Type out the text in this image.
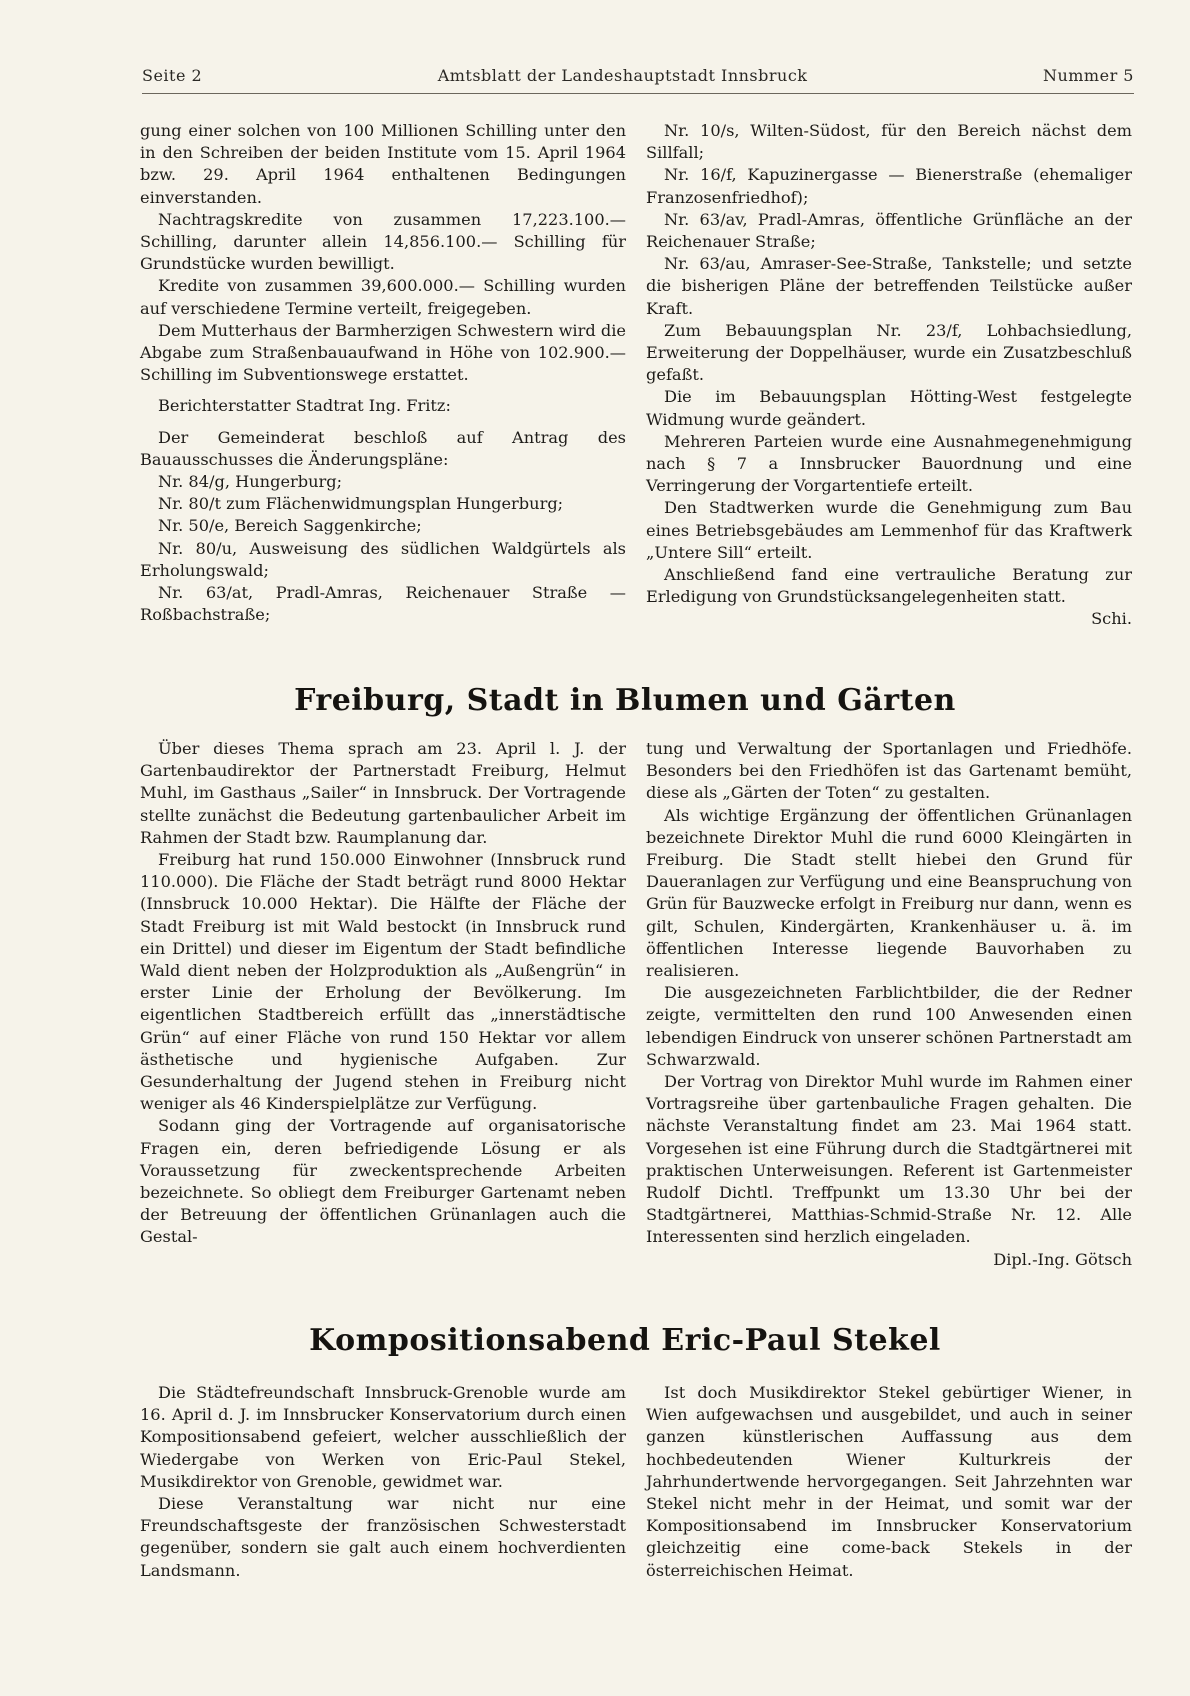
Seite 2	Amtsblatt der Landeshauptstadt Innsbruck	Nummer 5

gung einer solchen von 100 Millionen Schilling unter den in den Schreiben der beiden Institute vom 15. April 1964 bzw. 29. April 1964 enthaltenen Bedingungen einverstanden.

Nachtragskredite von zusammen 17,223.100.— Schilling, darunter allein 14,856.100.— Schilling für Grundstücke wurden bewilligt.

Kredite von zusammen 39,600.000.— Schilling wurden auf verschiedene Termine verteilt, freigegeben.

Dem Mutterhaus der Barmherzigen Schwestern wird die Abgabe zum Straßenbauaufwand in Höhe von 102.900.— Schilling im Subventionswege erstattet.

Berichterstatter Stadtrat Ing. Fritz:

Der Gemeinderat beschloß auf Antrag des Bauausschusses die Änderungspläne:

Nr. 84/g, Hungerburg;

Nr. 80/t zum Flächenwidmungsplan Hungerburg;

Nr. 50/e, Bereich Saggenkirche;

Nr. 80/u, Ausweisung des südlichen Waldgürtels als Erholungswald;

Nr. 63/at, Pradl-Amras, Reichenauer Straße — Roßbachstraße;

Nr. 10/s, Wilten-Südost, für den Bereich nächst dem Sillfall;

Nr. 16/f, Kapuzinergasse — Bienerstraße (ehemaliger Franzosenfriedhof);

Nr. 63/av, Pradl-Amras, öffentliche Grünfläche an der Reichenauer Straße;

Nr. 63/au, Amraser-See-Straße, Tankstelle; und setzte die bisherigen Pläne der betreffenden Teilstücke außer Kraft.

Zum Bebauungsplan Nr. 23/f, Lohbachsiedlung, Erweiterung der Doppelhäuser, wurde ein Zusatzbeschluß gefaßt.

Die im Bebauungsplan Hötting-West festgelegte Widmung wurde geändert.

Mehreren Parteien wurde eine Ausnahmegenehmigung nach § 7 a Innsbrucker Bauordnung und eine Verringerung der Vorgartentiefe erteilt.

Den Stadtwerken wurde die Genehmigung zum Bau eines Betriebsgebäudes am Lemmenhof für das Kraftwerk „Untere Sill“ erteilt.

Anschließend fand eine vertrauliche Beratung zur Erledigung von Grundstücksangelegenheiten statt.

Schi.

Freiburg, Stadt in Blumen und Gärten

Über dieses Thema sprach am 23. April l. J. der Gartenbaudirektor der Partnerstadt Freiburg, Helmut Muhl, im Gasthaus „Sailer“ in Innsbruck. Der Vortragende stellte zunächst die Bedeutung gartenbaulicher Arbeit im Rahmen der Stadt bzw. Raumplanung dar.

Freiburg hat rund 150.000 Einwohner (Innsbruck rund 110.000). Die Fläche der Stadt beträgt rund 8000 Hektar (Innsbruck 10.000 Hektar). Die Hälfte der Fläche der Stadt Freiburg ist mit Wald bestockt (in Innsbruck rund ein Drittel) und dieser im Eigentum der Stadt befindliche Wald dient neben der Holzproduktion als „Außengrün“ in erster Linie der Erholung der Bevölkerung. Im eigentlichen Stadtbereich erfüllt das „innerstädtische Grün“ auf einer Fläche von rund 150 Hektar vor allem ästhetische und hygienische Aufgaben. Zur Gesunderhaltung der Jugend stehen in Freiburg nicht weniger als 46 Kinderspielplätze zur Verfügung.

Sodann ging der Vortragende auf organisatorische Fragen ein, deren befriedigende Lösung er als Voraussetzung für zweckentsprechende Arbeiten bezeichnete. So obliegt dem Freiburger Gartenamt neben der Betreuung der öffentlichen Grünanlagen auch die Gestal-

tung und Verwaltung der Sportanlagen und Friedhöfe. Besonders bei den Friedhöfen ist das Gartenamt bemüht, diese als „Gärten der Toten“ zu gestalten.

Als wichtige Ergänzung der öffentlichen Grünanlagen bezeichnete Direktor Muhl die rund 6000 Kleingärten in Freiburg. Die Stadt stellt hiebei den Grund für Daueranlagen zur Verfügung und eine Beanspruchung von Grün für Bauzwecke erfolgt in Freiburg nur dann, wenn es gilt, Schulen, Kindergärten, Krankenhäuser u. ä. im öffentlichen Interesse liegende Bauvorhaben zu realisieren.

Die ausgezeichneten Farblichtbilder, die der Redner zeigte, vermittelten den rund 100 Anwesenden einen lebendigen Eindruck von unserer schönen Partnerstadt am Schwarzwald.

Der Vortrag von Direktor Muhl wurde im Rahmen einer Vortragsreihe über gartenbauliche Fragen gehalten. Die nächste Veranstaltung findet am 23. Mai 1964 statt. Vorgesehen ist eine Führung durch die Stadtgärtnerei mit praktischen Unterweisungen. Referent ist Gartenmeister Rudolf Dichtl. Treffpunkt um 13.30 Uhr bei der Stadtgärtnerei, Matthias-Schmid-Straße Nr. 12. Alle Interessenten sind herzlich eingeladen.

Dipl.-Ing. Götsch

Kompositionsabend Eric-Paul Stekel

Die Städtefreundschaft Innsbruck-Grenoble wurde am 16. April d. J. im Innsbrucker Konservatorium durch einen Kompositionsabend gefeiert, welcher ausschließlich der Wiedergabe von Werken von Eric-Paul Stekel, Musikdirektor von Grenoble, gewidmet war.

Diese Veranstaltung war nicht nur eine Freundschaftsgeste der französischen Schwesterstadt gegenüber, sondern sie galt auch einem hochverdienten Landsmann.

Ist doch Musikdirektor Stekel gebürtiger Wiener, in Wien aufgewachsen und ausgebildet, und auch in seiner ganzen künstlerischen Auffassung aus dem hochbedeutenden Wiener Kulturkreis der Jahrhundertwende hervorgegangen. Seit Jahrzehnten war Stekel nicht mehr in der Heimat, und somit war der Kompositionsabend im Innsbrucker Konservatorium gleichzeitig eine come-back Stekels in der österreichischen Heimat.
